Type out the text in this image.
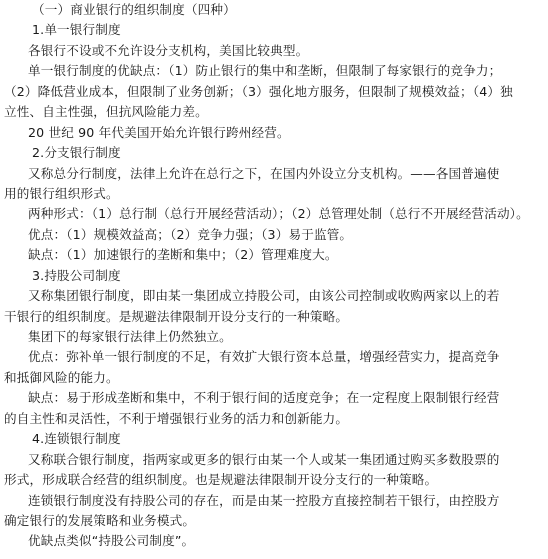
（一）商业银行的组织制度（四种）
1.单一银行制度
各银行不设或不允许设分支机构，美国比较典型。
单一银行制度的优缺点：（1）防止银行的集中和垄断，但限制了每家银行的竞争力；
（2）降低营业成本，但限制了业务创新；（3）强化地方服务，但限制了规模效益；（4）独
立性、自主性强，但抗风险能力差。
20 世纪 90 年代美国开始允许银行跨州经营。
2.分支银行制度
又称总分行制度，法律上允许在总行之下，在国内外设立分支机构。——各国普遍使
用的银行组织形式。
两种形式：（1）总行制（总行开展经营活动）；（2）总管理处制（总行不开展经营活动）。
优点：（1）规模效益高；（2）竞争力强；（3）易于监管。
缺点：（1）加速银行的垄断和集中；（2）管理难度大。
3.持股公司制度
又称集团银行制度，即由某一集团成立持股公司，由该公司控制或收购两家以上的若
干银行的组织制度。是规避法律限制开设分支行的一种策略。
集团下的每家银行法律上仍然独立。
优点：弥补单一银行制度的不足，有效扩大银行资本总量，增强经营实力，提高竞争
和抵御风险的能力。
缺点：易于形成垄断和集中，不利于银行间的适度竞争；在一定程度上限制银行经营
的自主性和灵活性，不利于增强银行业务的活力和创新能力。
4.连锁银行制度
又称联合银行制度，指两家或更多的银行由某一个人或某一集团通过购买多数股票的
形式，形成联合经营的组织制度。也是规避法律限制开设分支行的一种策略。
连锁银行制度没有持股公司的存在，而是由某一控股方直接控制若干银行，由控股方
确定银行的发展策略和业务模式。
优缺点类似“持股公司制度”。
